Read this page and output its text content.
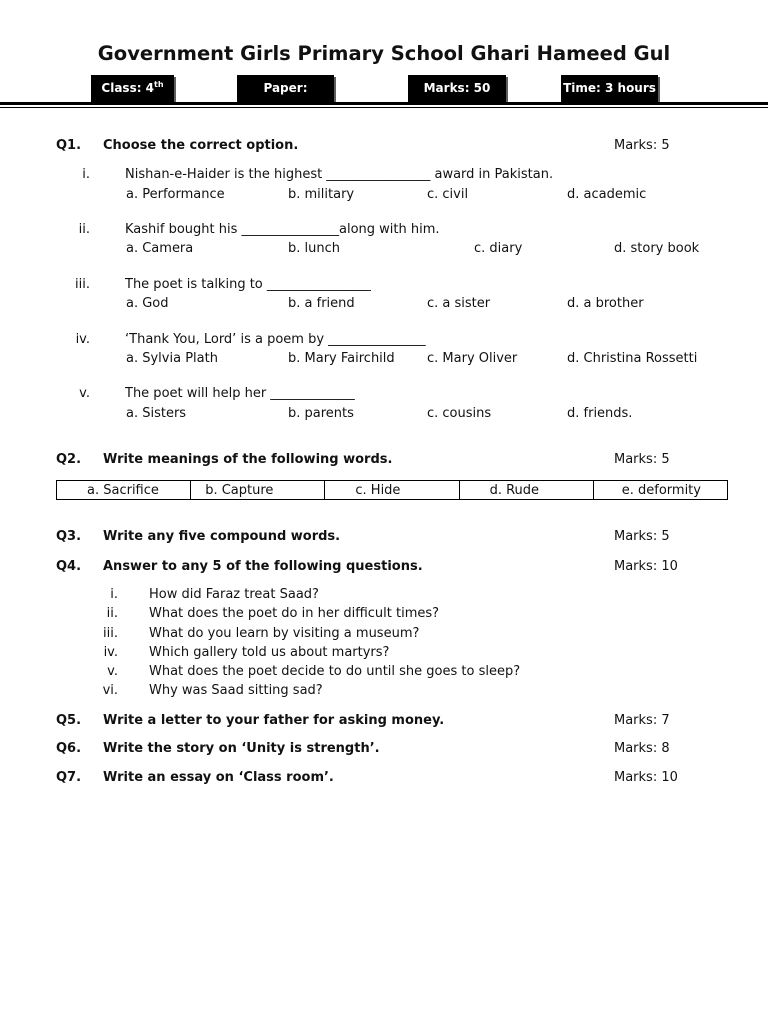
Government Girls Primary School Ghari Hameed Gul
Class: 4th	Paper: English
Marks: 50	Time: 3 hours
Q1. Choose the correct option.	Marks: 5
i.	Nishan-e-Haider is the highest ________________ award in Pakistan.
a. Performance	b. military	c. civil	d. academic
ii.	Kashif bought his _______________along with him.
a. Camera	b. lunch	c. diary	d. story book
iii.	The poet is talking to ________________
a. God	b. a friend	c. a sister	d. a brother
iv.	‘Thank You, Lord’ is a poem by _______________
a. Sylvia Plath	b. Mary Fairchild c. Mary Oliver	d. Christina Rossetti
v.	The poet will help her _____________
a. Sisters	b. parents	c. cousins	d. friends.
Q2. Write meanings of the following words.	Marks: 5
a. Sacrifice	b. Capture	c. Hide	d. Rude	e. deformity
Q3. Write any five compound words.	Marks: 5
Q4. Answer to any 5 of the following questions.	Marks: 10
i. How did Faraz treat Saad?
ii. What does the poet do in her difficult times?
iii. What do you learn by visiting a museum?
iv. Which gallery told us about martyrs?
v. What does the poet decide to do until she goes to sleep?
vi. Why was Saad sitting sad?
Q5. Write a letter to your father for asking money.	Marks: 7
Q6. Write the story on ‘Unity is strength’.	Marks: 8
Q7. Write an essay on ‘Class room’.	Marks: 10
